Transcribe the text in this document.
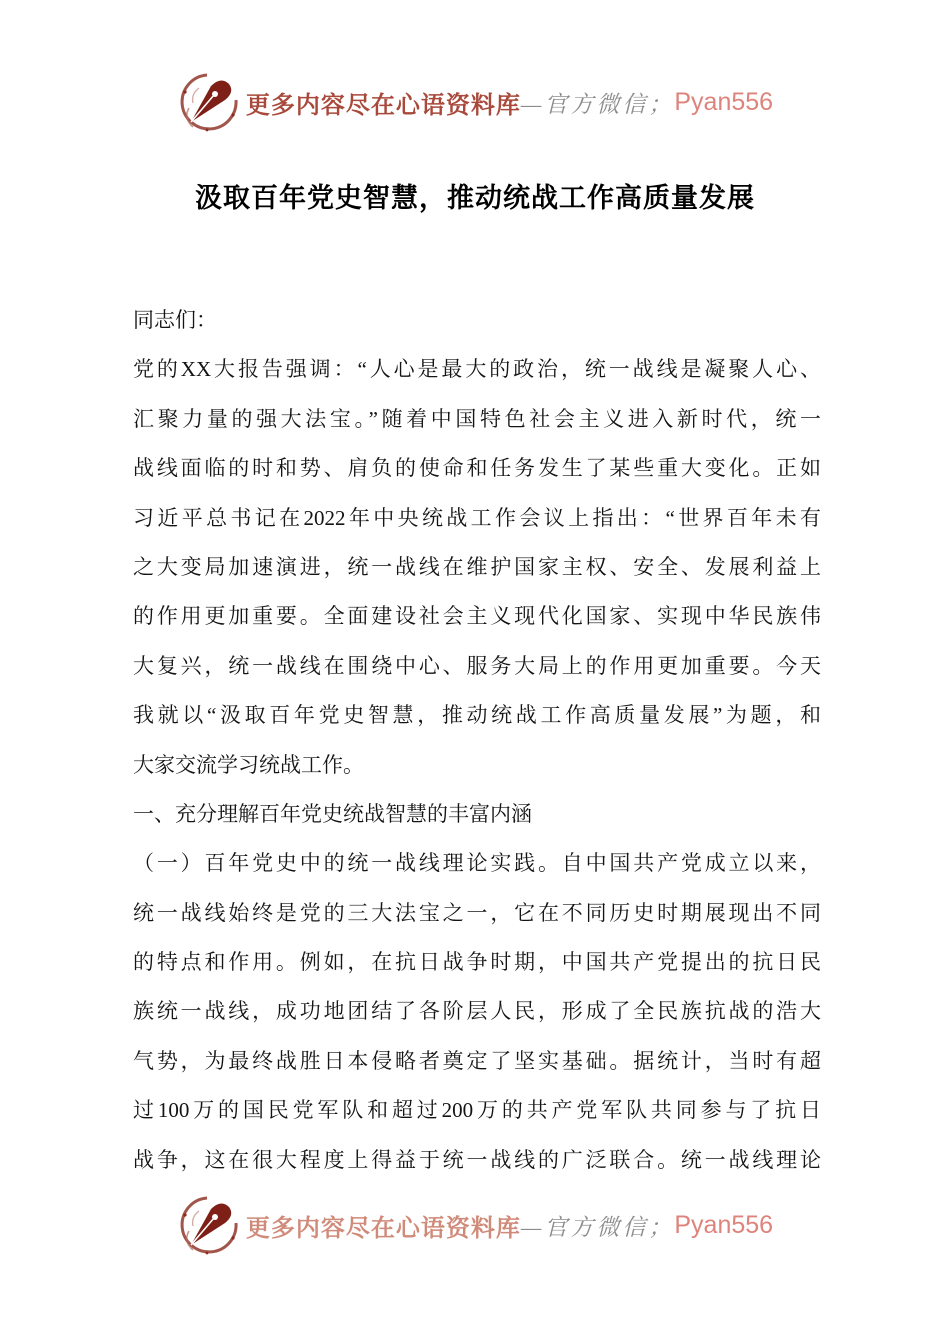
更多内容尽在心语资料库 —官方微信； Pyan556
汲取百年党史智慧，推动统战工作高质量发展
同志们：
党的XX大报告强调：“人心是最大的政治，统一战线是凝聚人心、
汇聚力量的强大法宝。”随着中国特色社会主义进入新时代，统一
战线面临的时和势、肩负的使命和任务发生了某些重大变化。正如
习近平总书记在2022年中央统战工作会议上指出：“世界百年未有
之大变局加速演进，统一战线在维护国家主权、安全、发展利益上
的作用更加重要。全面建设社会主义现代化国家、实现中华民族伟
大复兴，统一战线在围绕中心、服务大局上的作用更加重要。今天
我就以“汲取百年党史智慧，推动统战工作高质量发展”为题，和
大家交流学习统战工作。
一、充分理解百年党史统战智慧的丰富内涵
（一）百年党史中的统一战线理论实践。自中国共产党成立以来，
统一战线始终是党的三大法宝之一，它在不同历史时期展现出不同
的特点和作用。例如，在抗日战争时期，中国共产党提出的抗日民
族统一战线，成功地团结了各阶层人民，形成了全民族抗战的浩大
气势，为最终战胜日本侵略者奠定了坚实基础。据统计，当时有超
过100万的国民党军队和超过200万的共产党军队共同参与了抗日
战争，这在很大程度上得益于统一战线的广泛联合。统一战线理论
更多内容尽在心语资料库 —官方微信； Pyan556
